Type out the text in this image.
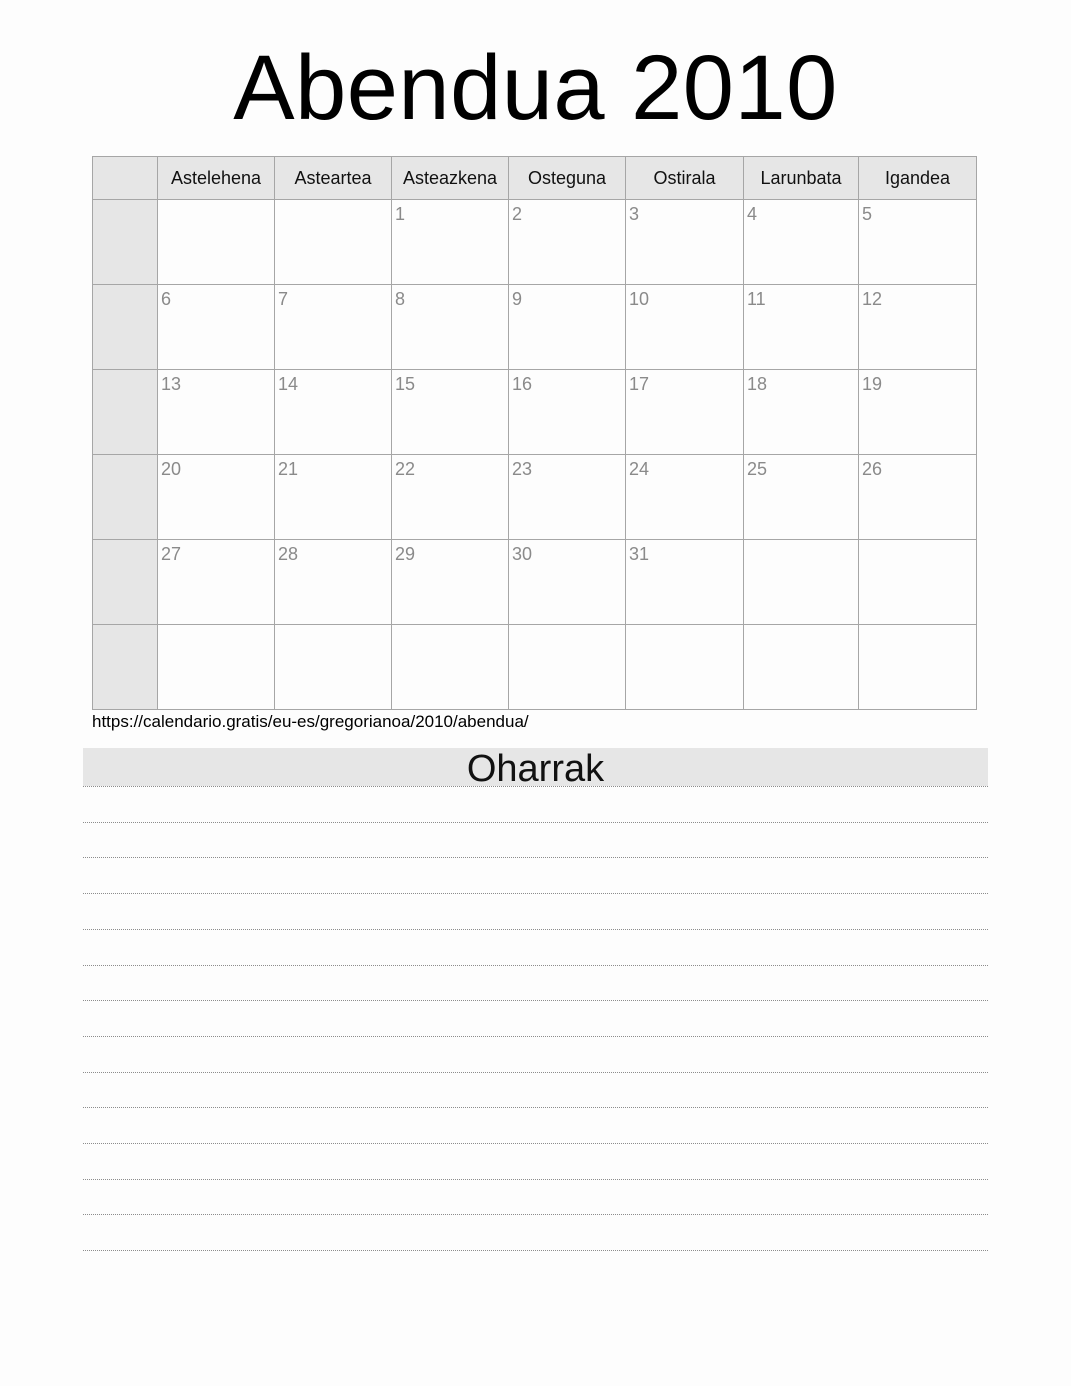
Abendua 2010
	Astelehena	Asteartea	Asteazkena	Osteguna	Ostirala	Larunbata	Igandea

			1	2	3	4	5

	6	7	8	9	10	11	12

	13	14	15	16	17	18	19

	20	21	22	23	24	25	26

	27	28	29	30	31		

https://calendario.gratis/eu-es/gregorianoa/2010/abendua/
Oharrak
